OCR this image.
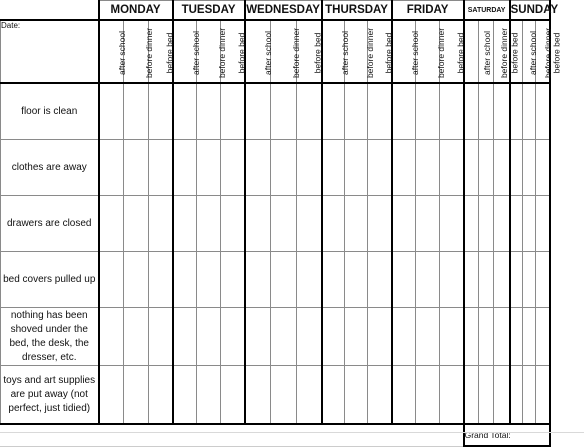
	MONDAY			TUESDAY			WEDNESDAY			THURSDAY			FRIDAY			SATURDAY			SUNDAY		
Date:	after school	before dinner	before bed	after school	before dinner	before bed	after school	before dinner	before bed	after school	before dinner	before bed	after school	before dinner	before bed	after school	before dinner	before bed	after school	before dinner	before bed
floor is clean																					
clothes are away																					
drawers are closed																					
bed covers pulled up																					
nothing has been shoved under the bed, the desk, the dresser, etc.																					
toys and art supplies are put away (not perfect, just tidied)																					
